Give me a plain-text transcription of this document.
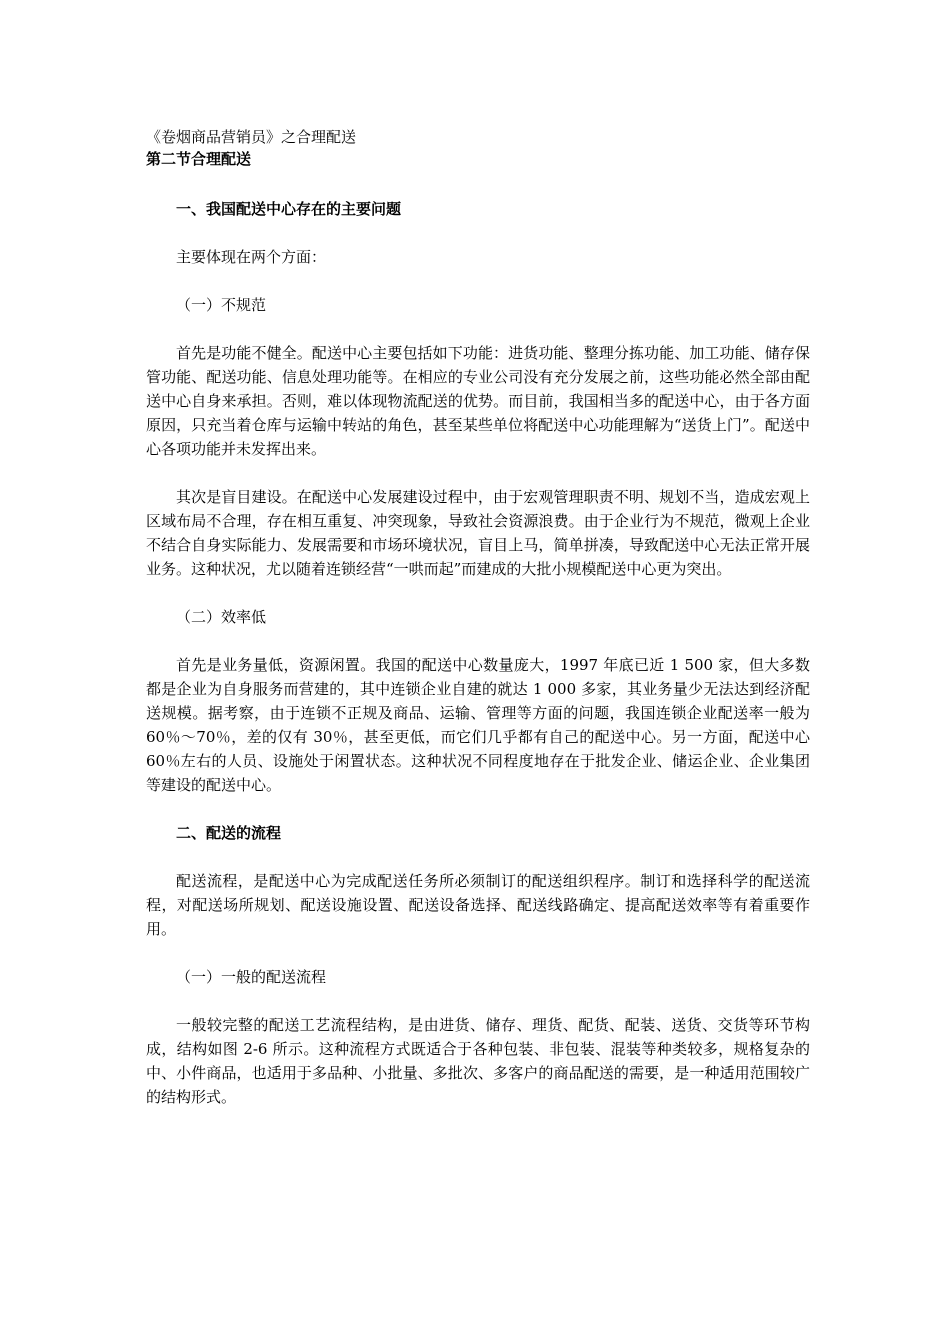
《卷烟商品营销员》之合理配送

第二节合理配送

一、我国配送中心存在的主要问题

主要体现在两个方面：

（一）不规范

首先是功能不健全。配送中心主要包括如下功能：进货功能、整理分拣功能、加工功能、储存保管功能、配送功能、信息处理功能等。在相应的专业公司没有充分发展之前，这些功能必然全部由配送中心自身来承担。否则，难以体现物流配送的优势。而目前，我国相当多的配送中心，由于各方面原因，只充当着仓库与运输中转站的角色，甚至某些单位将配送中心功能理解为“送货上门”。配送中心各项功能并未发挥出来。

其次是盲目建设。在配送中心发展建设过程中，由于宏观管理职责不明、规划不当，造成宏观上区域布局不合理，存在相互重复、冲突现象，导致社会资源浪费。由于企业行为不规范，微观上企业不结合自身实际能力、发展需要和市场环境状况，盲目上马，简单拼凑，导致配送中心无法正常开展业务。这种状况，尤以随着连锁经营“一哄而起”而建成的大批小规模配送中心更为突出。

（二）效率低

首先是业务量低，资源闲置。我国的配送中心数量庞大，1997 年底已近 1 500 家，但大多数都是企业为自身服务而营建的，其中连锁企业自建的就达 1 000 多家，其业务量少无法达到经济配送规模。据考察，由于连锁不正规及商品、运输、管理等方面的问题，我国连锁企业配送率一般为 60％～70％，差的仅有 30％，甚至更低，而它们几乎都有自己的配送中心。另一方面，配送中心 60％左右的人员、设施处于闲置状态。这种状况不同程度地存在于批发企业、储运企业、企业集团等建设的配送中心。

二、配送的流程

配送流程，是配送中心为完成配送任务所必须制订的配送组织程序。制订和选择科学的配送流程，对配送场所规划、配送设施设置、配送设备选择、配送线路确定、提高配送效率等有着重要作用。

（一）一般的配送流程

一般较完整的配送工艺流程结构，是由进货、储存、理货、配货、配装、送货、交货等环节构成，结构如图 2-6 所示。这种流程方式既适合于各种包装、非包装、混装等种类较多，规格复杂的中、小件商品，也适用于多品种、小批量、多批次、多客户的商品配送的需要，是一种适用范围较广的结构形式。
